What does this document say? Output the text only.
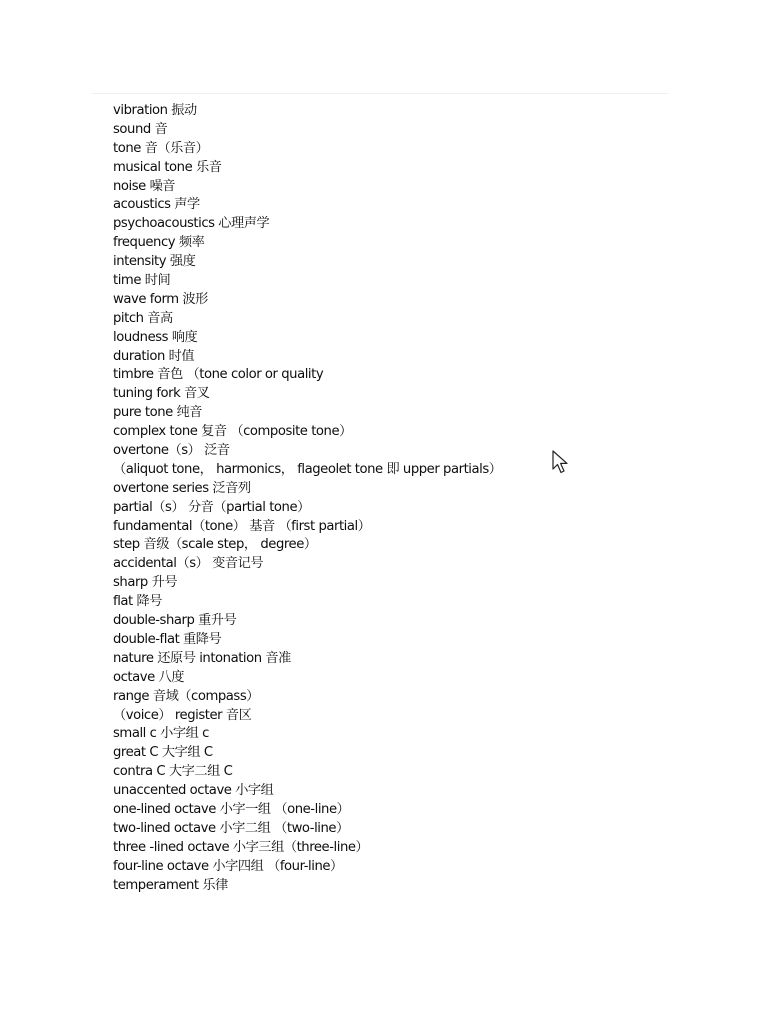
vibration 振动
sound 音
tone 音（乐音）
musical tone 乐音
noise 噪音
acoustics 声学
psychoacoustics 心理声学
frequency 频率
intensity 强度
time 时间
wave form 波形
pitch 音高
loudness 响度
duration 时值
timbre 音色 （tone color or quality
tuning fork 音叉
pure tone 纯音
complex tone 复音 （composite tone）
overtone（s） 泛音
（aliquot tone， harmonics， flageolet tone 即 upper partials）
overtone series 泛音列
partial（s） 分音（partial tone）
fundamental（tone） 基音 （first partial）
step 音级（scale step， degree）
accidental（s） 变音记号
sharp 升号
flat 降号
double-sharp 重升号
double-flat 重降号
nature 还原号 intonation 音准
octave 八度
range 音域（compass）
（voice） register 音区
small c 小字组 c
great C 大字组 C
contra C 大字二组 C
unaccented octave 小字组
one-lined octave 小字一组 （one-line）
two-lined octave 小字二组 （two-line）
three -lined octave 小字三组（three-line）
four-line octave 小字四组 （four-line）
temperament 乐律
